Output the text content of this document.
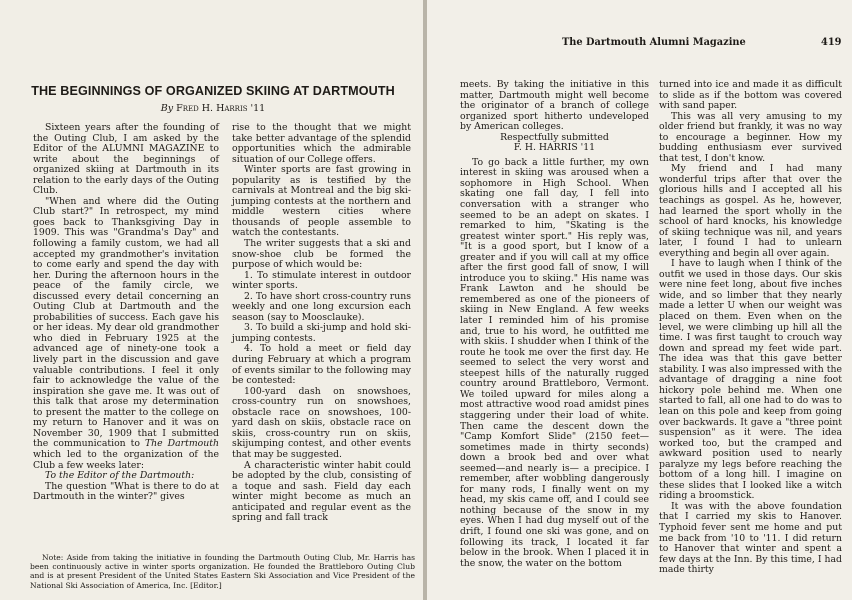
THE BEGINNINGS OF ORGANIZED SKIING AT DARTMOUTH
By Fred H. Harris '11

Sixteen years after the founding of the Outing Club, I am asked by the Editor of the ALUMNI MAGAZINE to write about the beginnings of organized skiing at Dartmouth in its relation to the early days of the Outing Club.

"When and where did the Outing Club start?" In retrospect, my mind goes back to Thanksgiving Day in 1909. This was "Grandma's Day" and following a family custom, we had all accepted my grandmother's invitation to come early and spend the day with her. During the afternoon hours in the peace of the family circle, we discussed every detail concerning an Outing Club at Dartmouth and the probabilities of success. Each gave his or her ideas. My dear old grandmother who died in February 1925 at the advanced age of ninety-one took a lively part in the discussion and gave valuable contributions. I feel it only fair to acknowledge the value of the inspiration she gave me. It was out of this talk that arose my determination to present the matter to the college on my return to Hanover and it was on November 30, 1909 that I submitted the communication to The Dartmouth which led to the organization of the Club a few weeks later:

To the Editor of the Dartmouth:

The question "What is there to do at Dartmouth in the winter?" gives

rise to the thought that we might take better advantage of the splendid opportunities which the admirable situation of our College offers.

Winter sports are fast growing in popularity as is testified by the carnivals at Montreal and the big ski-jumping contests at the northern and middle western cities where thousands of people assemble to watch the contestants.

The writer suggests that a ski and snow-shoe club be formed the purpose of which would be:

1. To stimulate interest in outdoor winter sports.
2. To have short cross-country runs weekly and one long excursion each season (say to Moosclauke).
3. To build a ski-jump and hold ski-jumping contests.
4. To hold a meet or field day during February at which a program of events similar to the following may be contested:

100-yard dash on snowshoes, cross-country run on snowshoes, obstacle race on snowshoes, 100-yard dash on skiis, obstacle race on skiis, cross-country run on skiis, skijumping contest, and other events that may be suggested.

A characteristic winter habit could be adopted by the club, consisting of a toque and sash. Field day each winter might become as much an anticipated and regular event as the spring and fall track

Note: Aside from taking the initiative in founding the Dartmouth Outing Club, Mr. Harris has been continuously active in winter sports organization. He founded the Brattleboro Outing Club and is at present President of the United States Eastern Ski Association and Vice President of the National Ski Association of America, Inc. [Editor.]

The Dartmouth Alumni Magazine	419

meets. By taking the initiative in this matter, Dartmouth might well become the originator of a branch of college organized sport hitherto undeveloped by American colleges.

Respectfully submitted

F. H. HARRIS '11

To go back a little further, my own interest in skiing was aroused when a sophomore in High School. When skating one fall day, I fell into conversation with a stranger who seemed to be an adept on skates. I remarked to him, "Skating is the greatest winter sport." His reply was, "It is a good sport, but I know of a greater and if you will call at my office after the first good fall of snow, I will introduce you to skiing." His name was Frank Lawton and he should be remembered as one of the pioneers of skiing in New England. A few weeks later I reminded him of his promise and, true to his word, he outfitted me with skiis. I shudder when I think of the route he took me over the first day. He seemed to select the very worst and steepest hills of the naturally rugged country around Brattleboro, Vermont. We toiled upward for miles along a most attractive wood road amidst pines staggering under their load of white. Then came the descent down the "Camp Komfort Slide" (2150 feet—sometimes made in thirty seconds) down a brook bed and over what seemed—and nearly is— a precipice. I remember, after wobbling dangerously for many rods, I finally went on my head, my skis came off, and I could see nothing because of the snow in my eyes. When I had dug myself out of the drift, I found one ski was gone, and on following its track, I located it far below in the brook. When I placed it in the snow, the water on the bottom

turned into ice and made it as difficult to slide as if the bottom was covered with sand paper.

This was all very amusing to my older friend but frankly, it was no way to encourage a beginner. How my budding enthusiasm ever survived that test, I don't know.

My friend and I had many wonderful trips after that over the glorious hills and I accepted all his teachings as gospel. As he, however, had learned the sport wholly in the school of hard knocks, his knowledge of skiing technique was nil, and years later, I found I had to unlearn everything and begin all over again.

I have to laugh when I think of the outfit we used in those days. Our skis were nine feet long, about five inches wide, and so limber that they nearly made a letter U when our weight was placed on them. Even when on the level, we were climbing up hill all the time. I was first taught to crouch way down and spread my feet wide part. The idea was that this gave better stability. I was also impressed with the advantage of dragging a nine foot hickory pole behind me. When one started to fall, all one had to do was to lean on this pole and keep from going over backwards. It gave a "three point suspension" as it were. The idea worked too, but the cramped and awkward position used to nearly paralyze my legs before reaching the bottom of a long hill. I imagine on these slides that I looked like a witch riding a broomstick.

It was with the above foundation that I carried my skis to Hanover. Typhoid fever sent me home and put me back from '10 to '11. I did return to Hanover that winter and spent a few days at the Inn. By this time, I had made thirty
